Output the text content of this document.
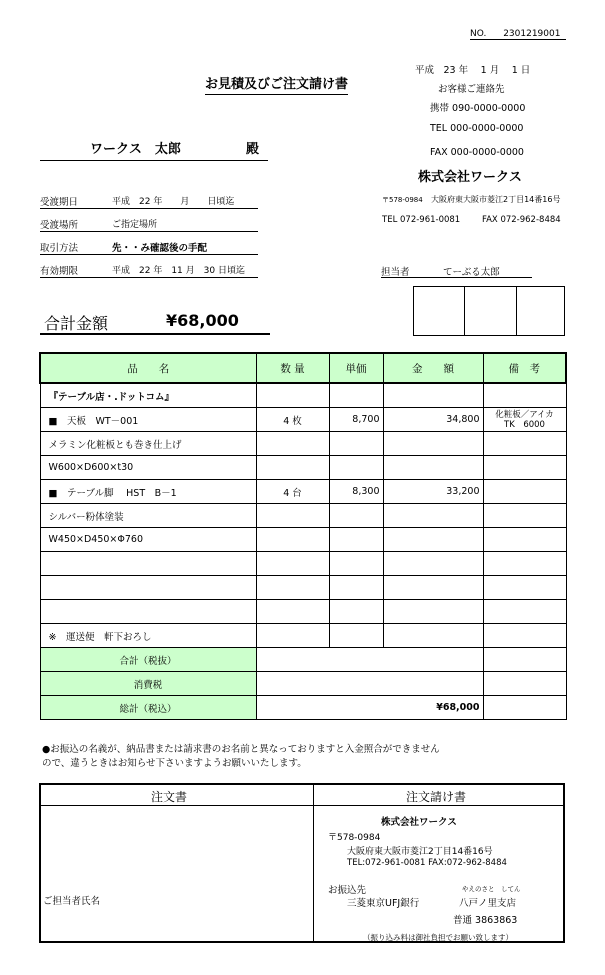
NO. 2301219001
平成　23 年　 1 月　 1 日
お客様ご連絡先
携帯 090-0000-0000
TEL 000-0000-0000
FAX 000-0000-0000
お見積及びご注文請け書
ワークス　太郎	殿
株式会社ワークス
〒578-0984 大阪府東大阪市菱江2丁目14番16号
TEL 072-961-0081	FAX 072-962-8484
担当者	てーぶる太郎
受渡期日	平成　22 年　　月　　日頃迄
受渡場所	ご指定場所
取引方法	先・・み確認後の手配
有効期限	平成　22 年　11 月　30 日頃迄
合計金額	¥68,000
品　　名	数 量	単価	金　　額	備　考
『テーブル店・.ドットコム』				
■　天板　WT－001	4 枚	8,700	34,800	化粧板／アイカ
TK　6000
メラミン化粧板とも巻き仕上げ				
W600×D600×t30				
■　テーブル脚　 HST　B－1	4 台	8,300	33,200	
シルバー粉体塗装				
W450×D450×Φ760				

※　運送便　軒下おろし				
合計（税抜）				
消費税				
総計（税込）	¥68,000			
●お振込の名義が、納品書または請求書のお名前と異なっておりますと入金照合ができません
ので、違うときはお知らせ下さいますようお願いいたします。
注文書	注文請け書
ご担当者氏名
株式会社ワークス
〒578-0984
大阪府東大阪市菱江2丁目14番16号
TEL:072-961-0081 FAX:072-962-8484
お振込先
三菱東京UFJ銀行
やえのさと　してん
八戸ノ里支店
普通 3863863
（振り込み料は御社負担でお願い致します）
